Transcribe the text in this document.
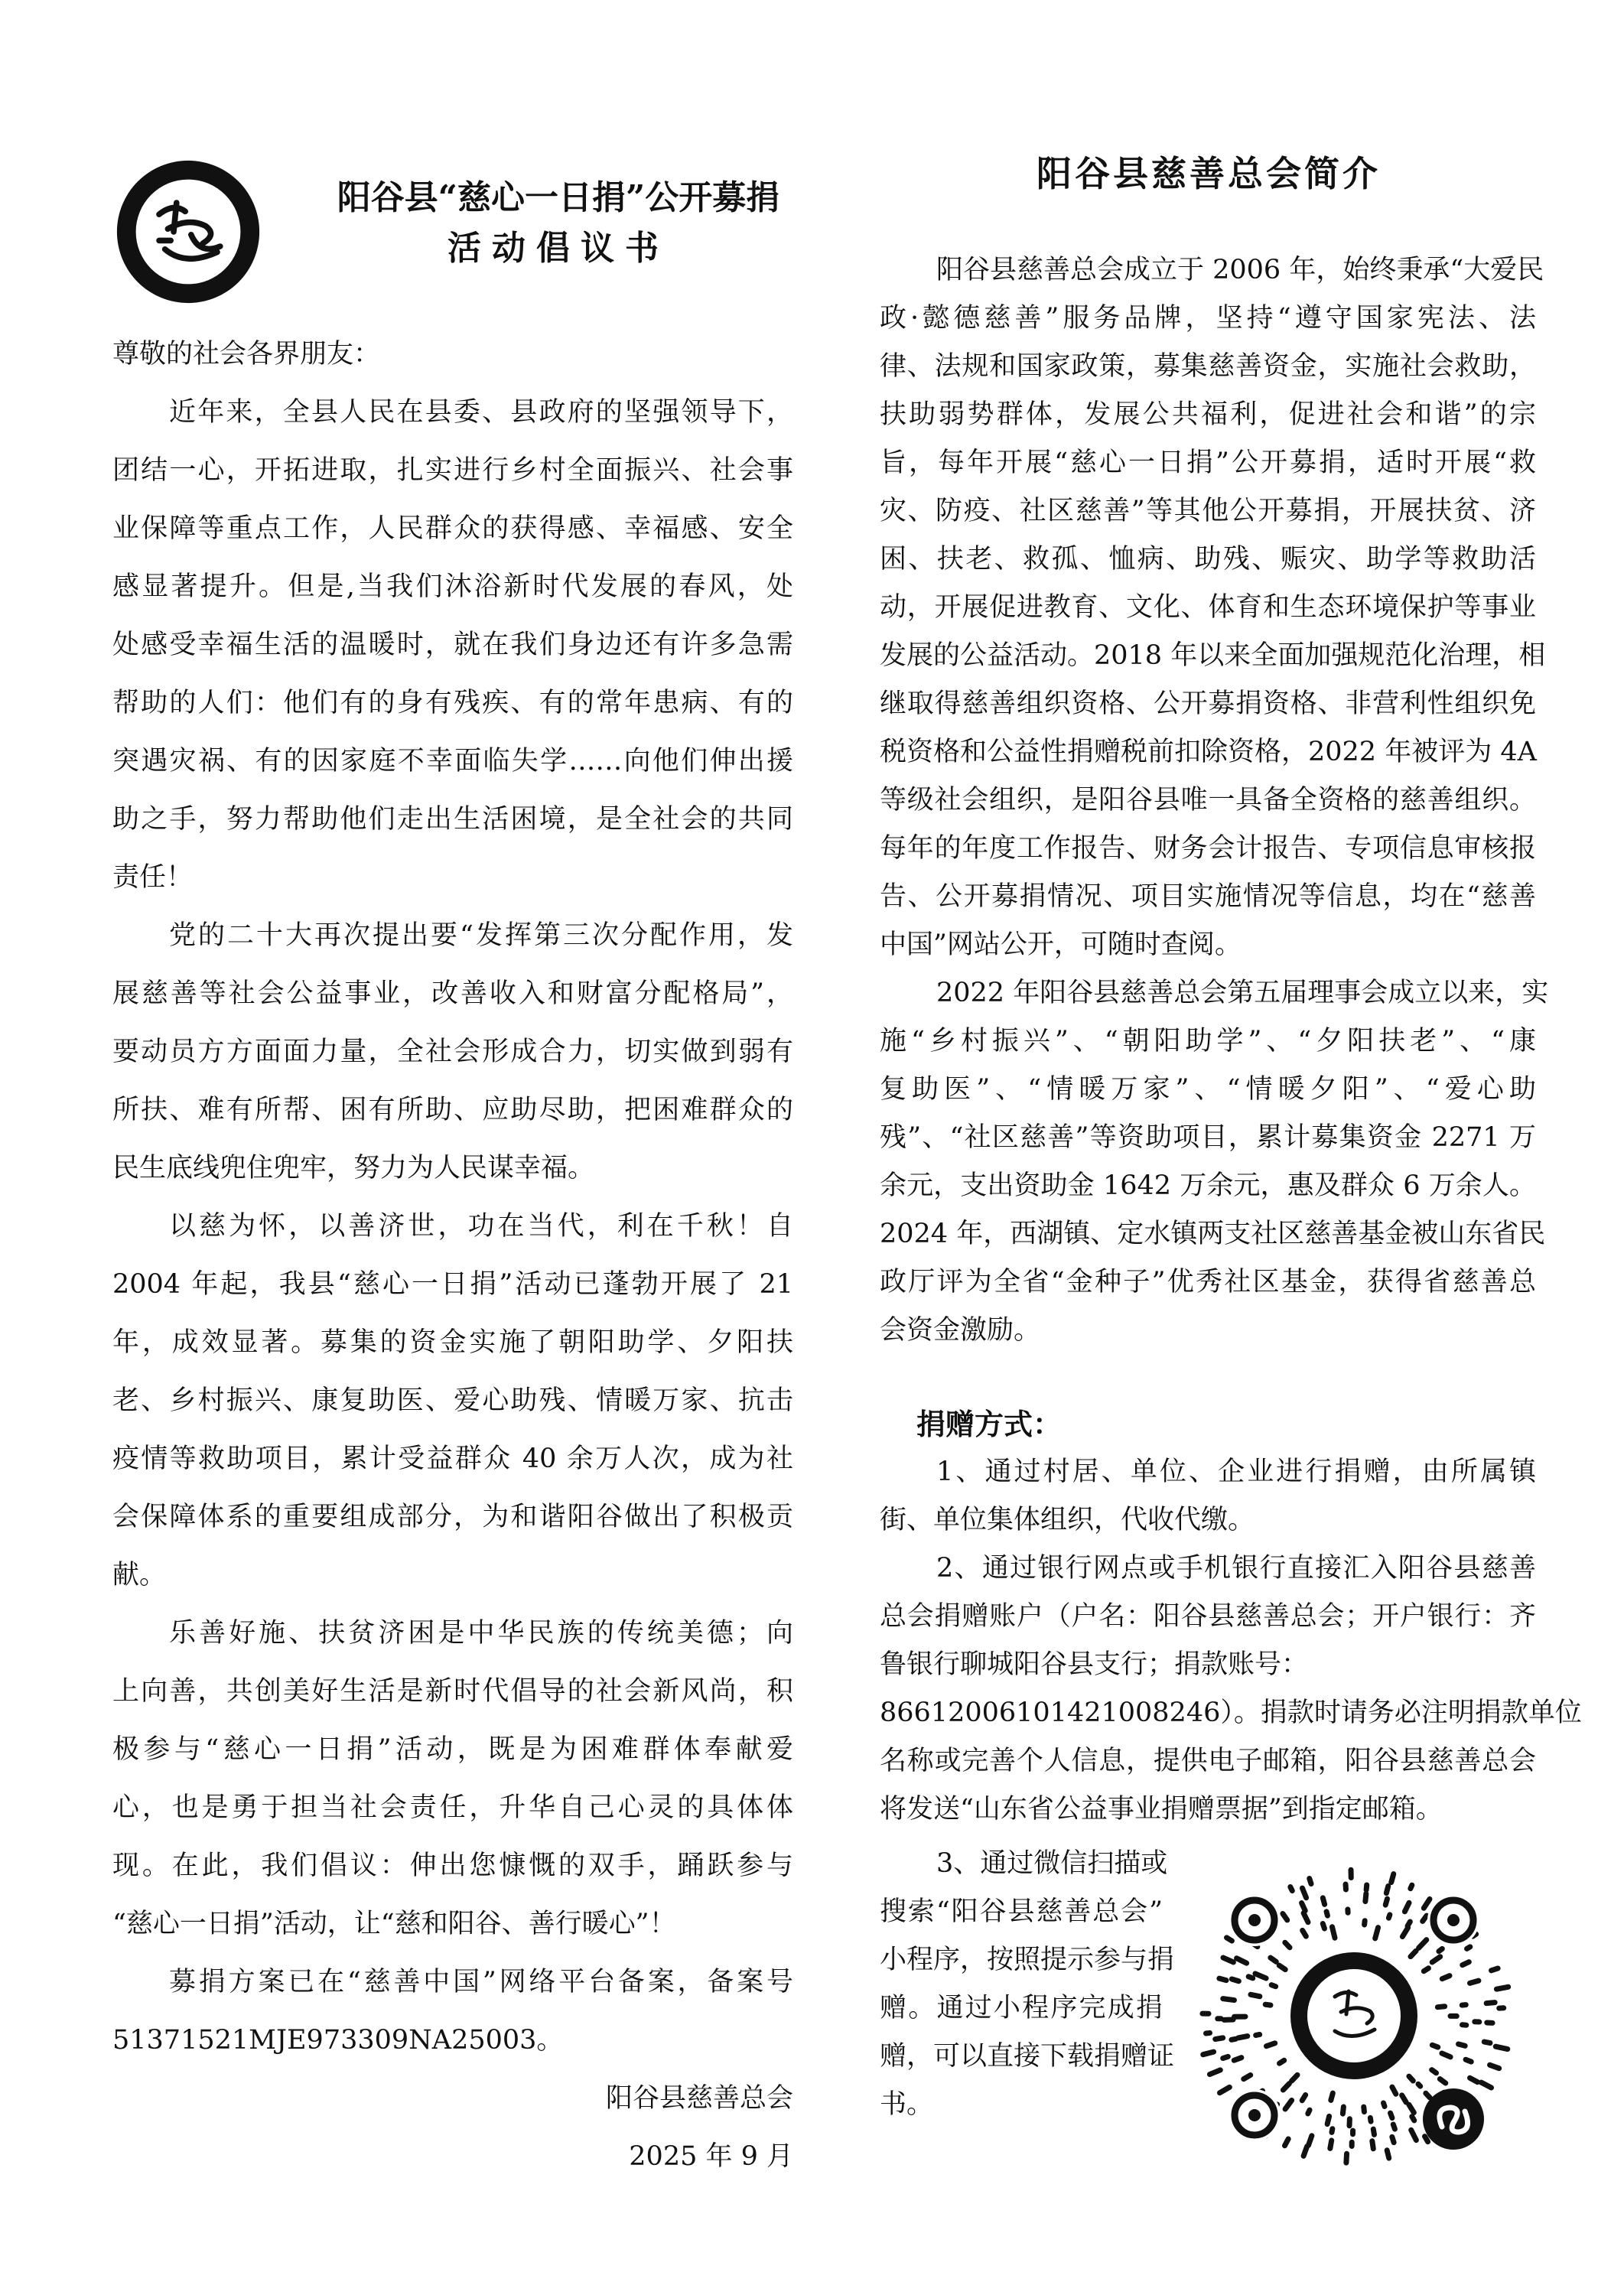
阳谷县“慈心一日捐”公开募捐
活动倡议书
尊敬的社会各界朋友：
近年来，全县人民在县委、县政府的坚强领导下，
团结一心，开拓进取，扎实进行乡村全面振兴、社会事
业保障等重点工作，人民群众的获得感、幸福感、安全
感显著提升。但是,当我们沐浴新时代发展的春风，处
处感受幸福生活的温暖时，就在我们身边还有许多急需
帮助的人们：他们有的身有残疾、有的常年患病、有的
突遇灾祸、有的因家庭不幸面临失学……向他们伸出援
助之手，努力帮助他们走出生活困境，是全社会的共同
责任！
党的二十大再次提出要“发挥第三次分配作用，发
展慈善等社会公益事业，改善收入和财富分配格局”，
要动员方方面面力量，全社会形成合力，切实做到弱有
所扶、难有所帮、困有所助、应助尽助，把困难群众的
民生底线兜住兜牢，努力为人民谋幸福。
以慈为怀，以善济世，功在当代，利在千秋！自
2004 年起，我县“慈心一日捐”活动已蓬勃开展了 21
年，成效显著。募集的资金实施了朝阳助学、夕阳扶
老、乡村振兴、康复助医、爱心助残、情暖万家、抗击
疫情等救助项目，累计受益群众 40 余万人次，成为社
会保障体系的重要组成部分，为和谐阳谷做出了积极贡
献。
乐善好施、扶贫济困是中华民族的传统美德；向
上向善，共创美好生活是新时代倡导的社会新风尚，积
极参与“慈心一日捐”活动，既是为困难群体奉献爱
心，也是勇于担当社会责任，升华自己心灵的具体体
现。在此，我们倡议：伸出您慷慨的双手，踊跃参与
“慈心一日捐”活动，让“慈和阳谷、善行暖心”！
募捐方案已在“慈善中国”网络平台备案，备案号
51371521MJE973309NA25003。
阳谷县慈善总会
2025 年 9 月
阳谷县慈善总会简介
阳谷县慈善总会成立于 2006 年，始终秉承“大爱民
政·懿德慈善”服务品牌，坚持“遵守国家宪法、法
律、法规和国家政策，募集慈善资金，实施社会救助，
扶助弱势群体，发展公共福利，促进社会和谐”的宗
旨，每年开展“慈心一日捐”公开募捐，适时开展“救
灾、防疫、社区慈善”等其他公开募捐，开展扶贫、济
困、扶老、救孤、恤病、助残、赈灾、助学等救助活
动，开展促进教育、文化、体育和生态环境保护等事业
发展的公益活动。2018 年以来全面加强规范化治理，相
继取得慈善组织资格、公开募捐资格、非营利性组织免
税资格和公益性捐赠税前扣除资格，2022 年被评为 4A
等级社会组织，是阳谷县唯一具备全资格的慈善组织。
每年的年度工作报告、财务会计报告、专项信息审核报
告、公开募捐情况、项目实施情况等信息，均在“慈善
中国”网站公开，可随时查阅。
2022 年阳谷县慈善总会第五届理事会成立以来，实
施“乡村振兴”、“朝阳助学”、“夕阳扶老”、“康
复助医”、“情暖万家”、“情暖夕阳”、“爱心助
残”、“社区慈善”等资助项目，累计募集资金 2271 万
余元，支出资助金 1642 万余元，惠及群众 6 万余人。
2024 年，西湖镇、定水镇两支社区慈善基金被山东省民
政厅评为全省“金种子”优秀社区基金，获得省慈善总
会资金激励。
捐赠方式：
1、通过村居、单位、企业进行捐赠，由所属镇
街、单位集体组织，代收代缴。
2、通过银行网点或手机银行直接汇入阳谷县慈善
总会捐赠账户（户名：阳谷县慈善总会；开户银行：齐
鲁银行聊城阳谷县支行；捐款账号：
86612006101421008246）。捐款时请务必注明捐款单位
名称或完善个人信息，提供电子邮箱，阳谷县慈善总会
将发送“山东省公益事业捐赠票据”到指定邮箱。
3、通过微信扫描或
搜索“阳谷县慈善总会”
小程序，按照提示参与捐
赠。通过小程序完成捐
赠，可以直接下载捐赠证
书。
